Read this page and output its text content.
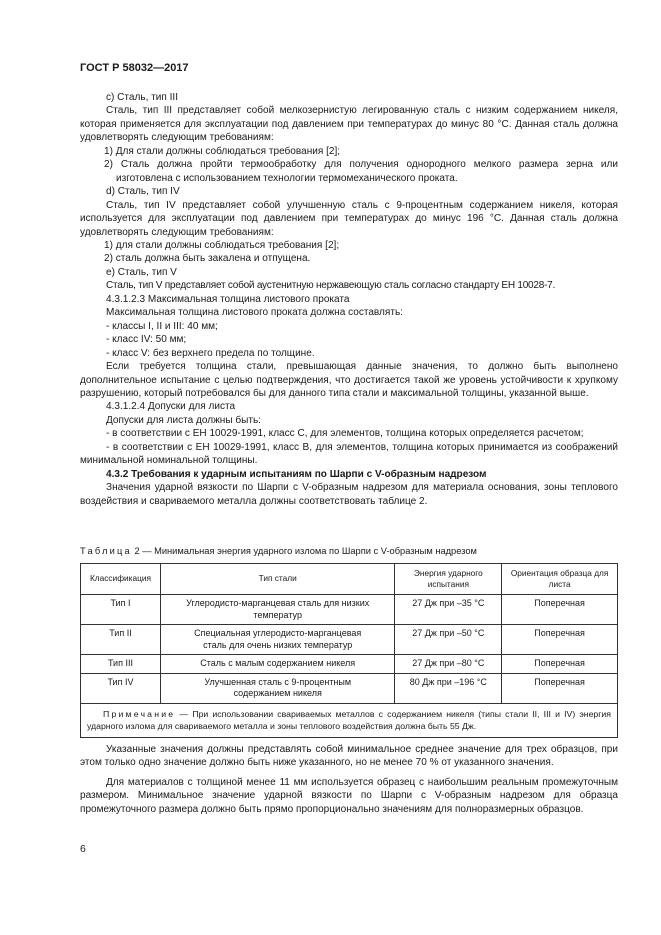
ГОСТ Р 58032—2017

c) Сталь, тип III

Сталь, тип III представляет собой мелкозернистую легированную сталь с низким содержанием никеля, которая применяется для эксплуатации под давлением при температурах до минус 80 °С. Данная сталь должна удовлетворять следующим требованиям:

1) Для стали должны соблюдаться требования [2];

2) Сталь должна пройти термообработку для получения однородного мелкого размера зерна или изготовлена с использованием технологии термомеханического проката.

d) Сталь, тип IV

Сталь, тип IV представляет собой улучшенную сталь с 9-процентным содержанием никеля, которая используется для эксплуатации под давлением при температурах до минус 196 °С. Данная сталь должна удовлетворять следующим требованиям:

1) для стали должны соблюдаться требования [2];

2) сталь должна быть закалена и отпущена.

e) Сталь, тип V

Сталь, тип V представляет собой аустенитную нержавеющую сталь согласно стандарту ЕН 10028-7.

4.3.1.2.3 Максимальная толщина листового проката

Максимальная толщина листового проката должна составлять:

- классы I, II и III: 40 мм;

- класс IV: 50 мм;

- класс V: без верхнего предела по толщине.

Если требуется толщина стали, превышающая данные значения, то должно быть выполнено дополнительное испытание с целью подтверждения, что достигается такой же уровень устойчивости к хрупкому разрушению, который потребовался бы для данного типа стали и максимальной толщины, указанной выше.

4.3.1.2.4 Допуски для листа

Допуски для листа должны быть:

- в соответствии с ЕН 10029-1991, класс С, для элементов, толщина которых определяется расчетом;

- в соответствии с ЕН 10029-1991, класс В, для элементов, толщина которых принимается из соображений минимальной номинальной толщины.

4.3.2 Требования к ударным испытаниям по Шарпи с V-образным надрезом

Значения ударной вязкости по Шарпи с V-образным надрезом для материала основания, зоны теплового воздействия и свариваемого металла должны соответствовать таблице 2.

Таблица 2 — Минимальная энергия ударного излома по Шарпи с V-образным надрезом
Классификация	Тип стали	Энергия ударного испытания	Ориентация образца для листа
Тип I	Углеродисто-марганцевая сталь для низких температур	27 Дж при –35 °С	Поперечная
Тип II	Специальная углеродисто-марганцевая сталь для очень низких температур	27 Дж при –50 °С	Поперечная
Тип III	Сталь с малым содержанием никеля	27 Дж при –80 °С	Поперечная
Тип IV	Улучшенная сталь с 9-процентным содержанием никеля	80 Дж при –196 °С	Поперечная
Примечание — При использовании свариваемых металлов с содержанием никеля (типы стали II, III и IV) энергия ударного излома для свариваемого металла и зоны теплового воздействия должна быть 55 Дж.			

Указанные значения должны представлять собой минимальное среднее значение для трех образцов, при этом только одно значение должно быть ниже указанного, но не менее 70 % от указанного значения.

Для материалов с толщиной менее 11 мм используется образец с наибольшим реальным промежуточным размером. Минимальное значение ударной вязкости по Шарпи с V-образным надрезом для образца промежуточного размера должно быть прямо пропорционально значениям для полноразмерных образцов.

6
